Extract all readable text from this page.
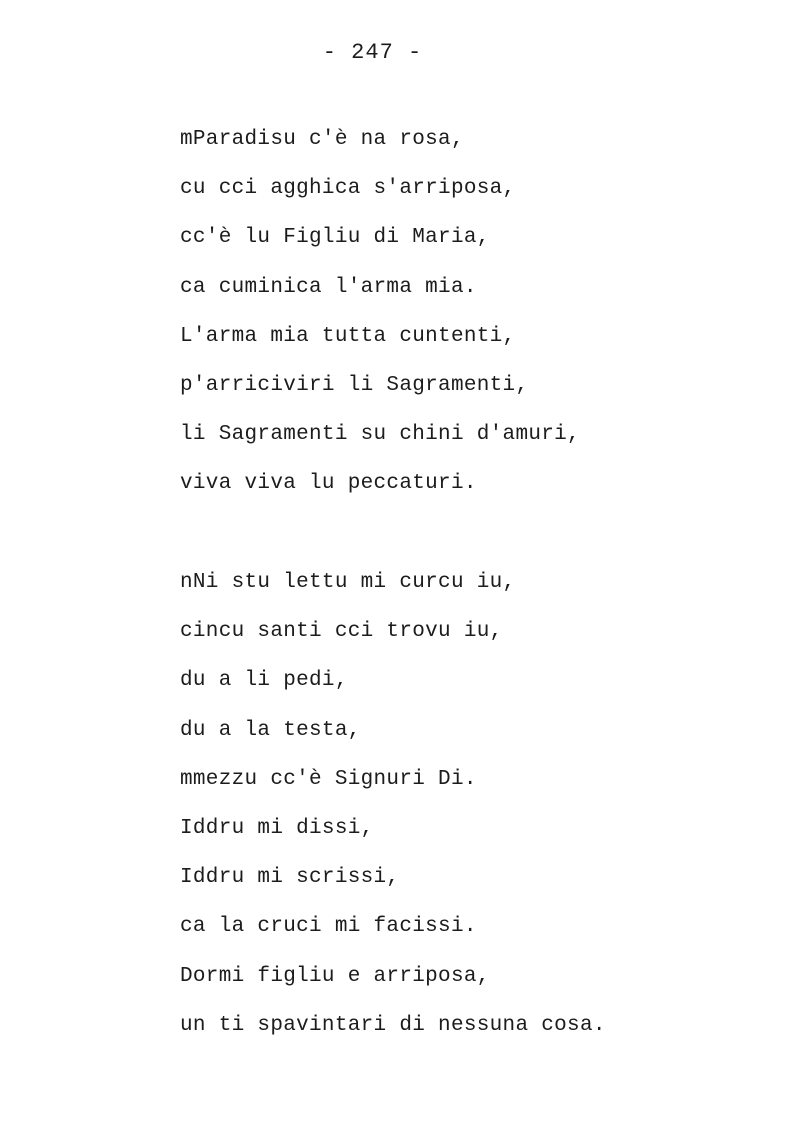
- 247 -
mParadisu c'è na rosa,
cu cci agghica s'arriposa,
cc'è lu Figliu di Maria,
ca cuminica l'arma mia.
L'arma mia tutta cuntenti,
p'arriciviri li Sagramenti,
li Sagramenti su chini d'amuri,
viva viva lu peccaturi.
nNi stu lettu mi curcu iu,
cincu santi cci trovu iu,
du a li pedi,
du a la testa,
mmezzu cc'è Signuri Di.
Iddru mi dissi,
Iddru mi scrissi,
ca la cruci mi facissi.
Dormi figliu e arriposa,
un ti spavintari di nessuna cosa.
